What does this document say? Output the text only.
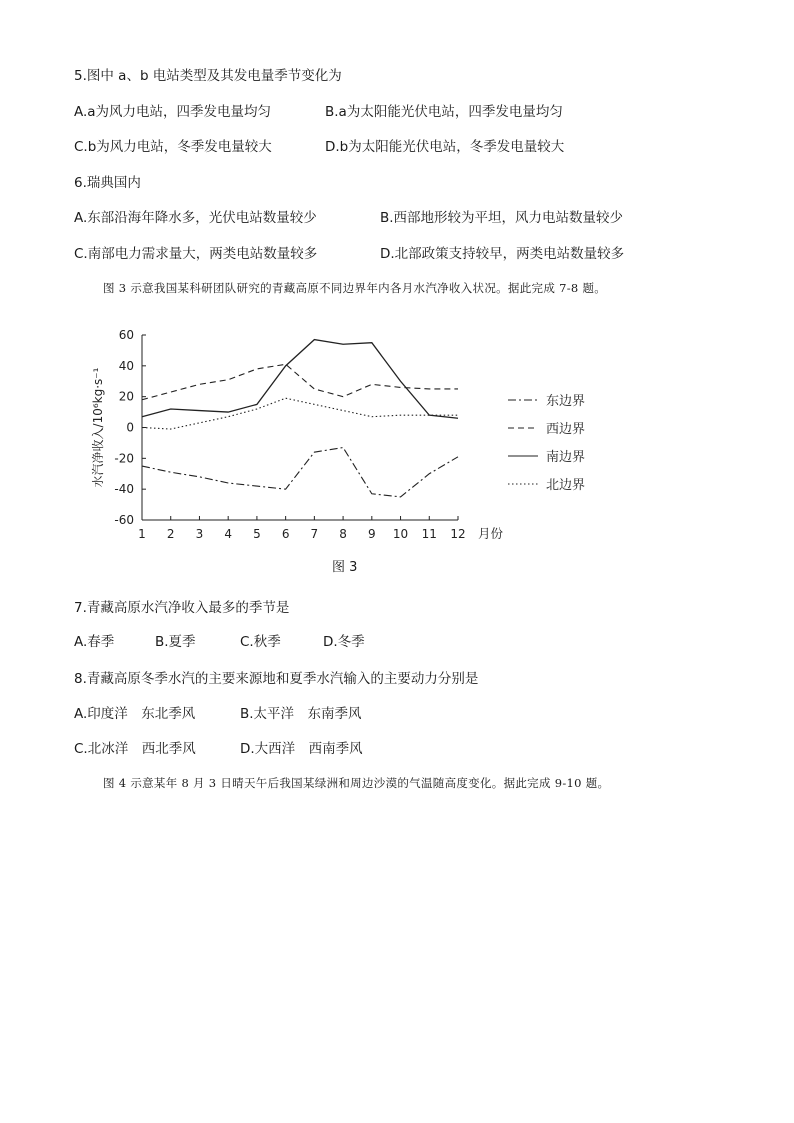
5.图中 a、b 电站类型及其发电量季节变化为
A.a为风力电站，四季发电量均匀	B.a为太阳能光伏电站，四季发电量均匀
C.b为风力电站，冬季发电量较大	D.b为太阳能光伏电站，冬季发电量较大
6.瑞典国内
A.东部沿海年降水多，光伏电站数量较少	B.西部地形较为平坦，风力电站数量较少
C.南部电力需求量大，两类电站数量较多	D.北部政策支持较早，两类电站数量较多
图 3 示意我国某科研团队研究的青藏高原不同边界年内各月水汽净收入状况。据此完成 7-8 题。
60
40
20
0
-20
-40
-60
1 2 3 4 5 6 7 8 9 10 11 12 月份
水汽净收入/10⁶kg·s⁻¹	东边界
西边界
南边界
北边界
图 3
7.青藏高原水汽净收入最多的季节是
A.春季	B.夏季	C.秋季	D.冬季
8.青藏高原冬季水汽的主要来源地和夏季水汽输入的主要动力分别是
A.印度洋　东北季风	B.太平洋　东南季风
C.北冰洋　西北季风	D.大西洋　西南季风
图 4 示意某年 8 月 3 日晴天午后我国某绿洲和周边沙漠的气温随高度变化。据此完成 9-10 题。
